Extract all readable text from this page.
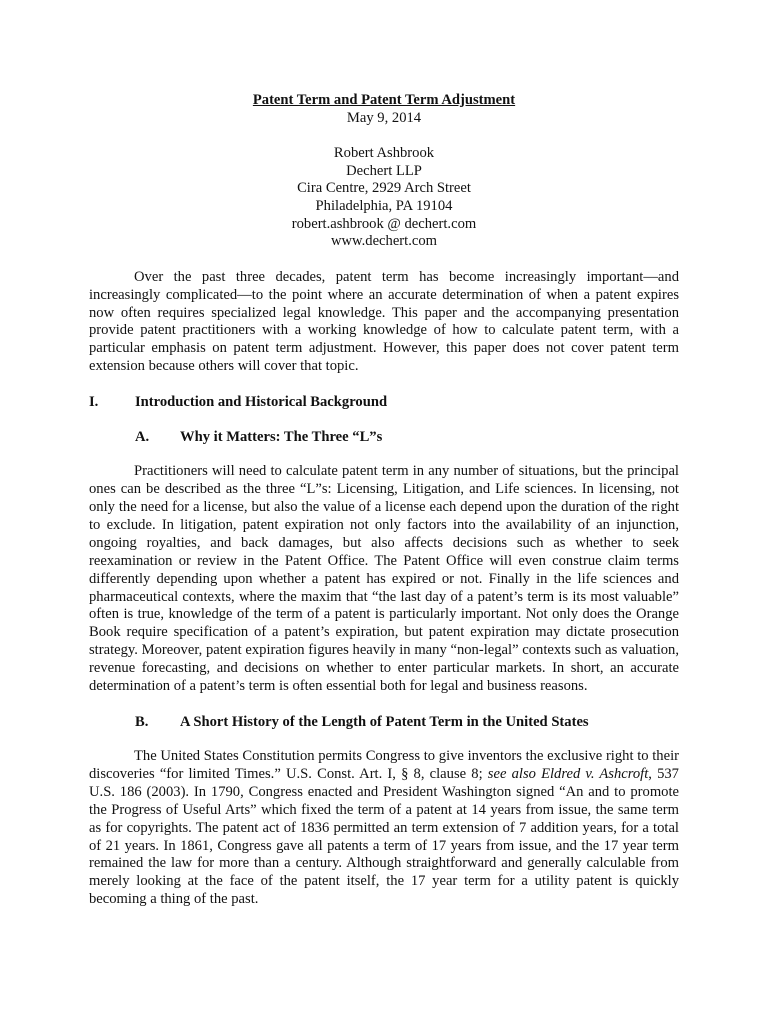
Patent Term and Patent Term Adjustment
May 9, 2014
Robert Ashbrook
Dechert LLP
Cira Centre, 2929 Arch Street
Philadelphia, PA 19104
robert.ashbrook @ dechert.com
www.dechert.com

Over the past three decades, patent term has become increasingly important—and increasingly complicated—to the point where an accurate determination of when a patent expires now often requires specialized legal knowledge. This paper and the accompanying presentation provide patent practitioners with a working knowledge of how to calculate patent term, with a particular emphasis on patent term adjustment. However, this paper does not cover patent term extension because others will cover that topic.

I.	Introduction and Historical Background
A.	Why it Matters: The Three “L”s

Practitioners will need to calculate patent term in any number of situations, but the principal ones can be described as the three “L”s: Licensing, Litigation, and Life sciences. In licensing, not only the need for a license, but also the value of a license each depend upon the duration of the right to exclude. In litigation, patent expiration not only factors into the availability of an injunction, ongoing royalties, and back damages, but also affects decisions such as whether to seek reexamination or review in the Patent Office. The Patent Office will even construe claim terms differently depending upon whether a patent has expired or not. Finally in the life sciences and pharmaceutical contexts, where the maxim that “the last day of a patent’s term is its most valuable” often is true, knowledge of the term of a patent is particularly important. Not only does the Orange Book require specification of a patent’s expiration, but patent expiration may dictate prosecution strategy. Moreover, patent expiration figures heavily in many “non-legal” contexts such as valuation, revenue forecasting, and decisions on whether to enter particular markets. In short, an accurate determination of a patent’s term is often essential both for legal and business reasons.

B.	A Short History of the Length of Patent Term in the United States

The United States Constitution permits Congress to give inventors the exclusive right to their discoveries “for limited Times.” U.S. Const. Art. I, § 8, clause 8; see also Eldred v. Ashcroft, 537 U.S. 186 (2003). In 1790, Congress enacted and President Washington signed “An and to promote the Progress of Useful Arts” which fixed the term of a patent at 14 years from issue, the same term as for copyrights. The patent act of 1836 permitted an term extension of 7 addition years, for a total of 21 years. In 1861, Congress gave all patents a term of 17 years from issue, and the 17 year term remained the law for more than a century. Although straightforward and generally calculable from merely looking at the face of the patent itself, the 17 year term for a utility patent is quickly becoming a thing of the past.
